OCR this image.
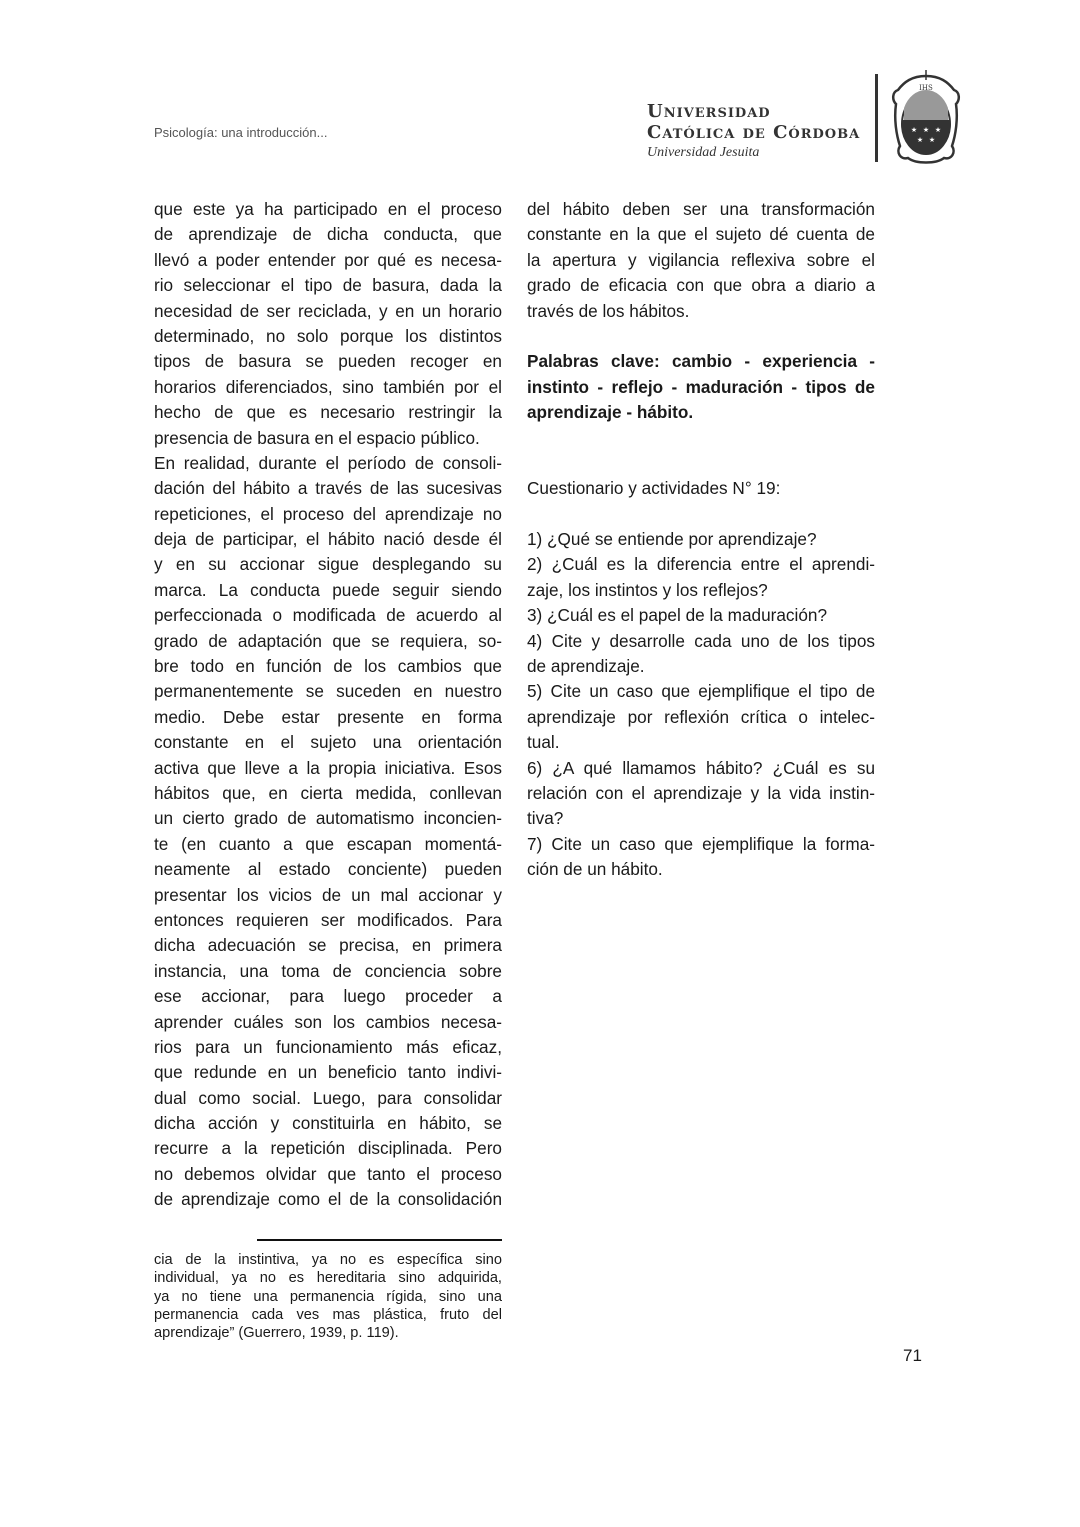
Psicología: una introducción...
Universidad
Católica de Córdoba
Universidad Jesuita
★ ★ ★
★ ★
IHS
que este ya ha participado en el proceso
de aprendizaje de dicha conducta, que
llevó a poder entender por qué es necesa-
rio seleccionar el tipo de basura, dada la
necesidad de ser reciclada, y en un horario
determinado, no solo porque los distintos
tipos de basura se pueden recoger en
horarios diferenciados, sino también por el
hecho de que es necesario restringir la
presencia de basura en el espacio público.
En realidad, durante el período de consoli-
dación del hábito a través de las sucesivas
repeticiones, el proceso del aprendizaje no
deja de participar, el hábito nació desde él
y en su accionar sigue desplegando su
marca. La conducta puede seguir siendo
perfeccionada o modificada de acuerdo al
grado de adaptación que se requiera, so-
bre todo en función de los cambios que
permanentemente se suceden en nuestro
medio. Debe estar presente en forma
constante en el sujeto una orientación
activa que lleve a la propia iniciativa. Esos
hábitos que, en cierta medida, conllevan
un cierto grado de automatismo inconcien-
te (en cuanto a que escapan momentá-
neamente al estado conciente) pueden
presentar los vicios de un mal accionar y
entonces requieren ser modificados. Para
dicha adecuación se precisa, en primera
instancia, una toma de conciencia sobre
ese accionar, para luego proceder a
aprender cuáles son los cambios necesa-
rios para un funcionamiento más eficaz,
que redunde en un beneficio tanto indivi-
dual como social. Luego, para consolidar
dicha acción y constituirla en hábito, se
recurre a la repetición disciplinada. Pero
no debemos olvidar que tanto el proceso
de aprendizaje como el de la consolidación
del hábito deben ser una transformación
constante en la que el sujeto dé cuenta de
la apertura y vigilancia reflexiva sobre el
grado de eficacia con que obra a diario a
través de los hábitos.
Palabras clave: cambio - experiencia -
instinto - reflejo - maduración - tipos de
aprendizaje - hábito.
Cuestionario y actividades N° 19:
1) ¿Qué se entiende por aprendizaje?
2) ¿Cuál es la diferencia entre el aprendi-
zaje, los instintos y los reflejos?
3) ¿Cuál es el papel de la maduración?
4) Cite y desarrolle cada uno de los tipos
de aprendizaje.
5) Cite un caso que ejemplifique el tipo de
aprendizaje por reflexión crítica o intelec-
tual.
6) ¿A qué llamamos hábito? ¿Cuál es su
relación con el aprendizaje y la vida instin-
tiva?
7) Cite un caso que ejemplifique la forma-
ción de un hábito.
cia de la instintiva, ya no es específica sino
individual, ya no es hereditaria sino adquirida,
ya no tiene una permanencia rígida, sino una
permanencia cada ves mas plástica, fruto del
aprendizaje” (Guerrero, 1939, p. 119).
71
